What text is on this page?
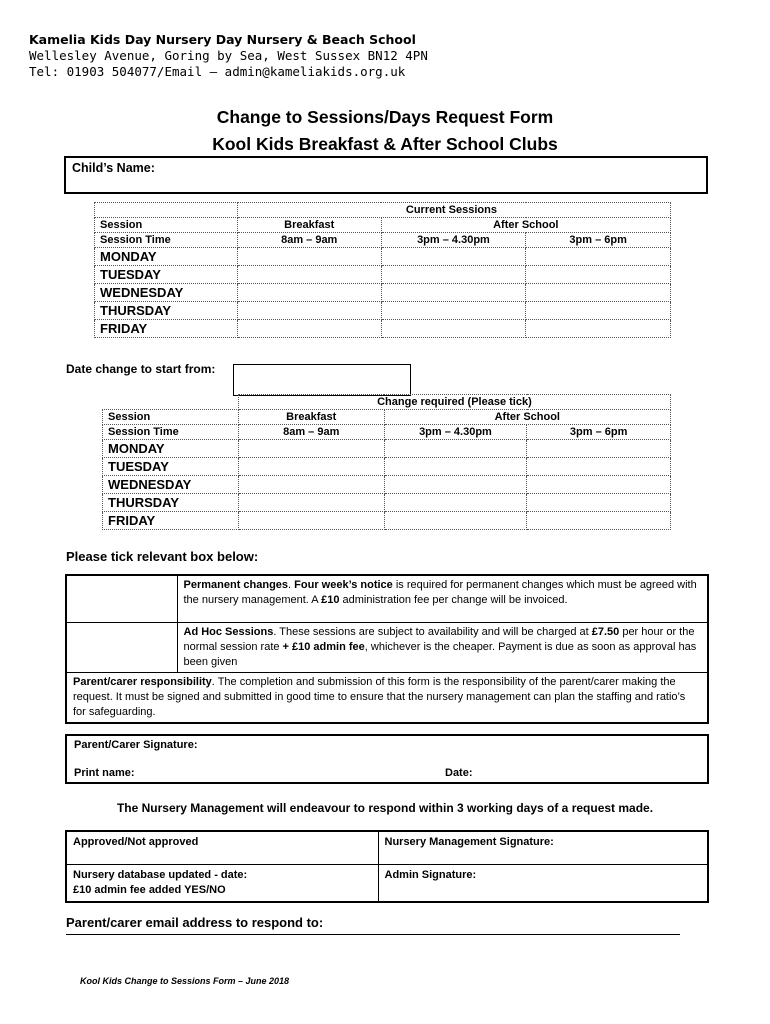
Kamelia Kids Day Nursery Day Nursery & Beach School
Wellesley Avenue, Goring by Sea, West Sussex BN12 4PN
Tel: 01903 504077/Email – admin@kameliakids.org.uk
Change to Sessions/Days Request Form
Kool Kids Breakfast & After School Clubs
Child’s Name:
	Current Sessions		
Session	Breakfast	After School	
Session Time	8am – 9am	3pm – 4.30pm	3pm – 6pm
MONDAY			
TUESDAY			
WEDNESDAY			
THURSDAY			
FRIDAY			
Date change to start from:
	Change required (Please tick)		
Session	Breakfast	After School	
Session Time	8am – 9am	3pm – 4.30pm	3pm – 6pm
MONDAY			
TUESDAY			
WEDNESDAY			
THURSDAY			
FRIDAY			
Please tick relevant box below:
	Permanent changes. Four week’s notice is required for permanent changes which must be agreed with the nursery management. A £10 administration fee per change will be invoiced.
	Ad Hoc Sessions. These sessions are subject to availability and will be charged at £7.50 per hour or the normal session rate + £10 admin fee, whichever is the cheaper. Payment is due as soon as approval has been given
Parent/carer responsibility. The completion and submission of this form is the responsibility of the parent/carer making the request. It must be signed and submitted in good time to ensure that the nursery management can plan the staffing and ratio’s for safeguarding.	
Parent/Carer Signature:
Print name:	Date:
The Nursery Management will endeavour to respond within 3 working days of a request made.
Approved/Not approved	Nursery Management Signature:

Nursery database updated - date:
£10 admin fee added YES/NO	Admin Signature:
Parent/carer email address to respond to:
Kool Kids Change to Sessions Form – June 2018
